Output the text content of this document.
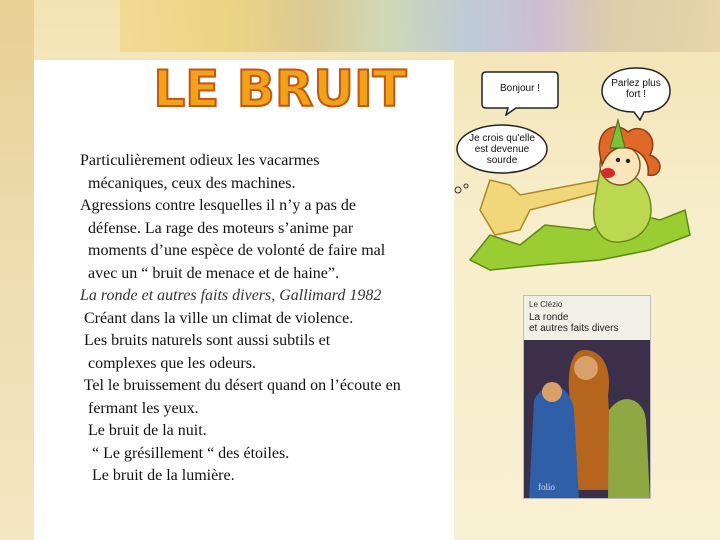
LE BRUIT

Particulièrement odieux les vacarmes

mécaniques, ceux des machines.

Agressions contre lesquelles il n’y a pas de

défense. La rage des moteurs s’anime par

moments d’une espèce de volonté de faire mal

avec un “ bruit de menace et de haine”.

La ronde et autres faits divers, Gallimard 1982

Créant dans la ville un climat de violence.

Les bruits naturels sont aussi subtils et

complexes que les odeurs.

Tel le bruissement du désert quand on l’écoute en

fermant les yeux.

Le bruit de la nuit.

“ Le grésillement “ des étoiles.

Le bruit de la lumière.

Bonjour !	Parlez plus fort !
Je crois qu'elle est devenue sourde
Le Clézio
La ronde
et autres faits divers
folio
